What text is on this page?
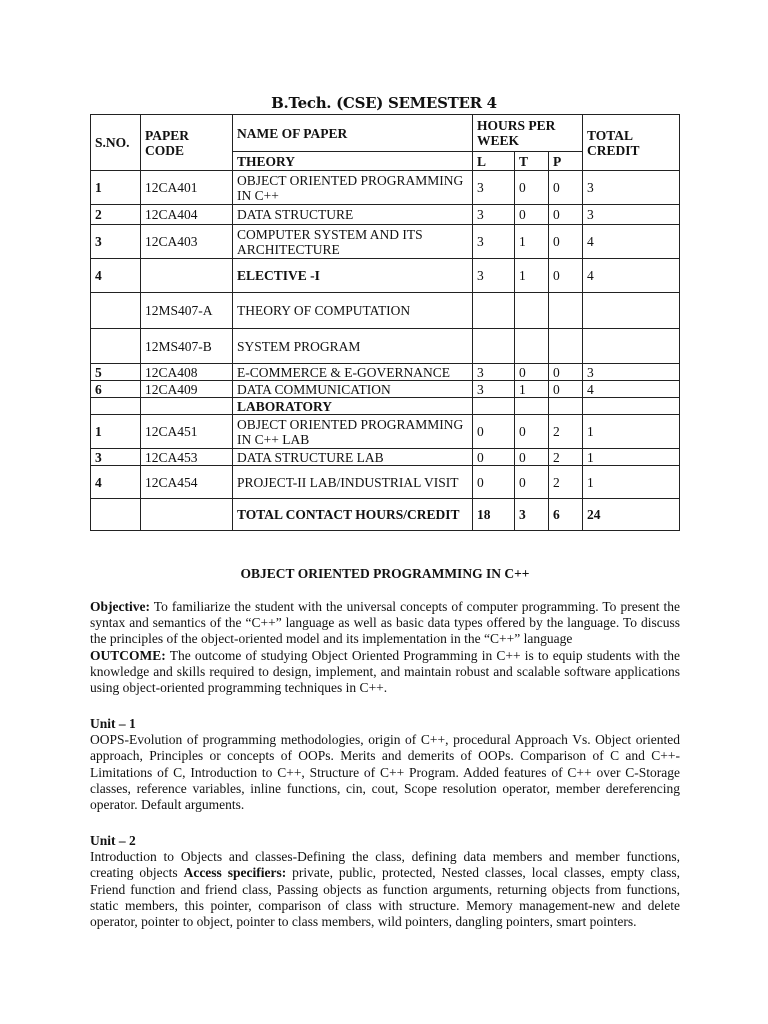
B.Tech. (CSE) SEMESTER 4
S.NO.	PAPER CODE	NAME OF PAPER	HOURS PER WEEK			TOTAL CREDIT
		THEORY	L	T	P	
1	12CA401	OBJECT ORIENTED PROGRAMMING IN C++	3	0	0	3
2	12CA404	DATA STRUCTURE	3	0	0	3
3	12CA403	COMPUTER SYSTEM AND ITS ARCHITECTURE	3	1	0	4
4		ELECTIVE -I	3	1	0	4
	12MS407-A	THEORY OF COMPUTATION				
	12MS407-B	SYSTEM PROGRAM				
5	12CA408	E-COMMERCE & E-GOVERNANCE	3	0	0	3
6	12CA409	DATA COMMUNICATION	3	1	0	4
		LABORATORY				
1	12CA451	OBJECT ORIENTED PROGRAMMING IN C++ LAB	0	0	2	1
3	12CA453	DATA STRUCTURE LAB	0	0	2	1
4	12CA454	PROJECT-II LAB/INDUSTRIAL VISIT	0	0	2	1
		TOTAL CONTACT HOURS/CREDIT	18	3	6	24
OBJECT ORIENTED PROGRAMMING IN C++

Objective: To familiarize the student with the universal concepts of computer programming. To present the syntax and semantics of the “C++” language as well as basic data types offered by the language. To discuss the principles of the object-oriented model and its implementation in the “C++” language

OUTCOME: The outcome of studying Object Oriented Programming in C++ is to equip students with the knowledge and skills required to design, implement, and maintain robust and scalable software applications using object-oriented programming techniques in C++.

Unit – 1

OOPS-Evolution of programming methodologies, origin of C++, procedural Approach Vs. Object oriented approach, Principles or concepts of OOPs. Merits and demerits of OOPs. Comparison of C and C++- Limitations of C, Introduction to C++, Structure of C++ Program. Added features of C++ over C-Storage classes, reference variables, inline functions, cin, cout, Scope resolution operator, member dereferencing operator. Default arguments.

Unit – 2

Introduction to Objects and classes-Defining the class, defining data members and member functions, creating objects Access specifiers: private, public, protected, Nested classes, local classes, empty class, Friend function and friend class, Passing objects as function arguments, returning objects from functions, static members, this pointer, comparison of class with structure. Memory management-new and delete operator, pointer to object, pointer to class members, wild pointers, dangling pointers, smart pointers.
